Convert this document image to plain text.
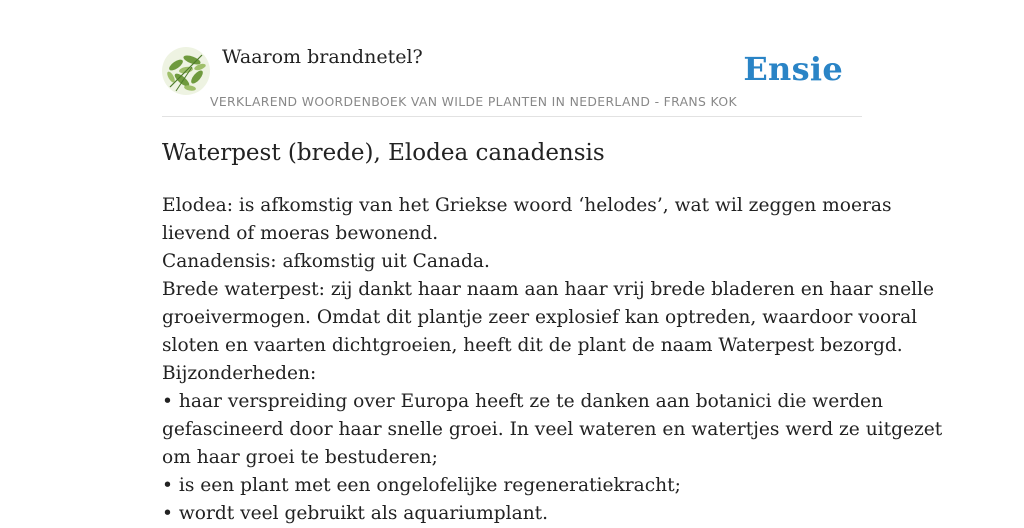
Waarom brandnetel?
VERKLAREND WOORDENBOEK VAN WILDE PLANTEN IN NEDERLAND - FRANS KOK
Ensie
Waterpest (brede), Elodea canadensis
Elodea: is afkomstig van het Griekse woord ‘helodes’, wat wil zeggen moeras
lievend of moeras bewonend.
Canadensis: afkomstig uit Canada.
Brede waterpest: zij dankt haar naam aan haar vrij brede bladeren en haar snelle
groeivermogen. Omdat dit plantje zeer explosief kan optreden, waardoor vooral
sloten en vaarten dichtgroeien, heeft dit de plant de naam Waterpest bezorgd.
Bijzonderheden:
• haar verspreiding over Europa heeft ze te danken aan botanici die werden
gefascineerd door haar snelle groei. In veel wateren en watertjes werd ze uitgezet
om haar groei te bestuderen;
• is een plant met een ongelofelijke regeneratiekracht;
• wordt veel gebruikt als aquariumplant.
